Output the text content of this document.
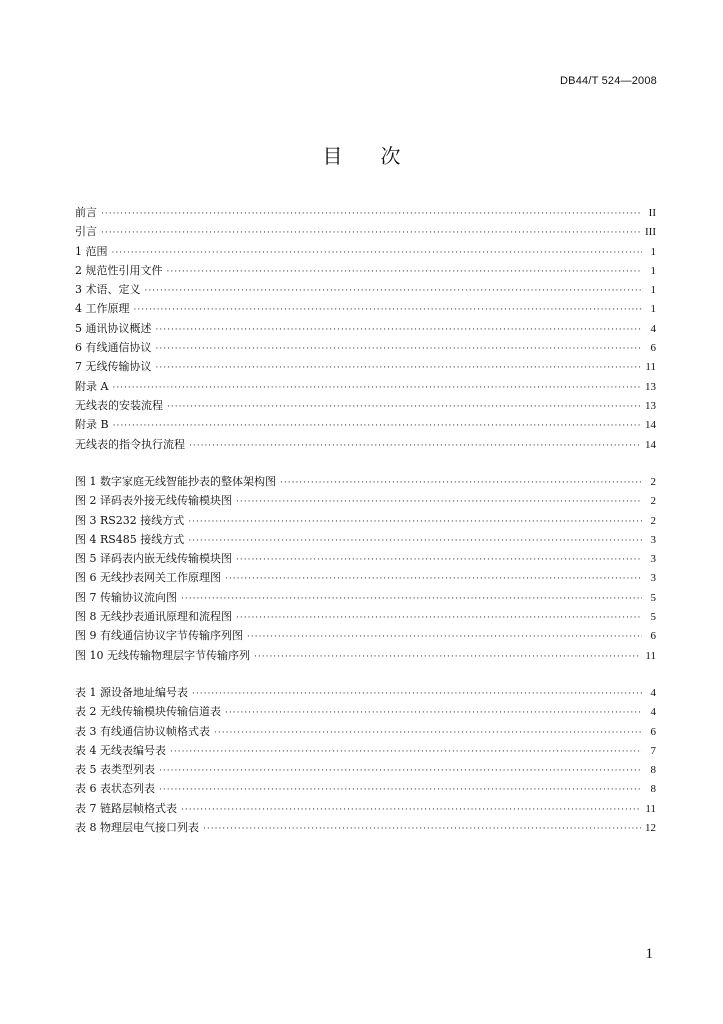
DB44/T 524—2008
目次
前言 ·····	II
引言 ·····	III
1 范围 ·····	1
2 规范性引用文件 ·····	1
3 术语、定义 ·····	1
4 工作原理 ·····	1
5 通讯协议概述 ·····	4
6 有线通信协议 ·····	6
7 无线传输协议 ·····	11
附录 A ·····	13
无线表的安装流程 ·····	13
附录 B ·····	14
无线表的指令执行流程 ·····	14
图 1 数字家庭无线智能抄表的整体架构图 ·····	2
图 2 译码表外接无线传输模块图 ·····	2
图 3 RS232 接线方式 ·····	2
图 4 RS485 接线方式 ·····	3
图 5 译码表内嵌无线传输模块图 ·····	3
图 6 无线抄表网关工作原理图 ·····	3
图 7 传输协议流向图 ·····	5
图 8 无线抄表通讯原理和流程图 ·····	5
图 9 有线通信协议字节传输序列图 ·····	6
图 10 无线传输物理层字节传输序列 ·····	11
表 1 源设备地址编号表 ·····	4
表 2 无线传输模块传输信道表 ·····	4
表 3 有线通信协议帧格式表 ·····	6
表 4 无线表编号表 ·····	7
表 5 表类型列表 ·····	8
表 6 表状态列表 ·····	8
表 7 链路层帧格式表 ·····	11
表 8 物理层电气接口列表 ·····	12
1
